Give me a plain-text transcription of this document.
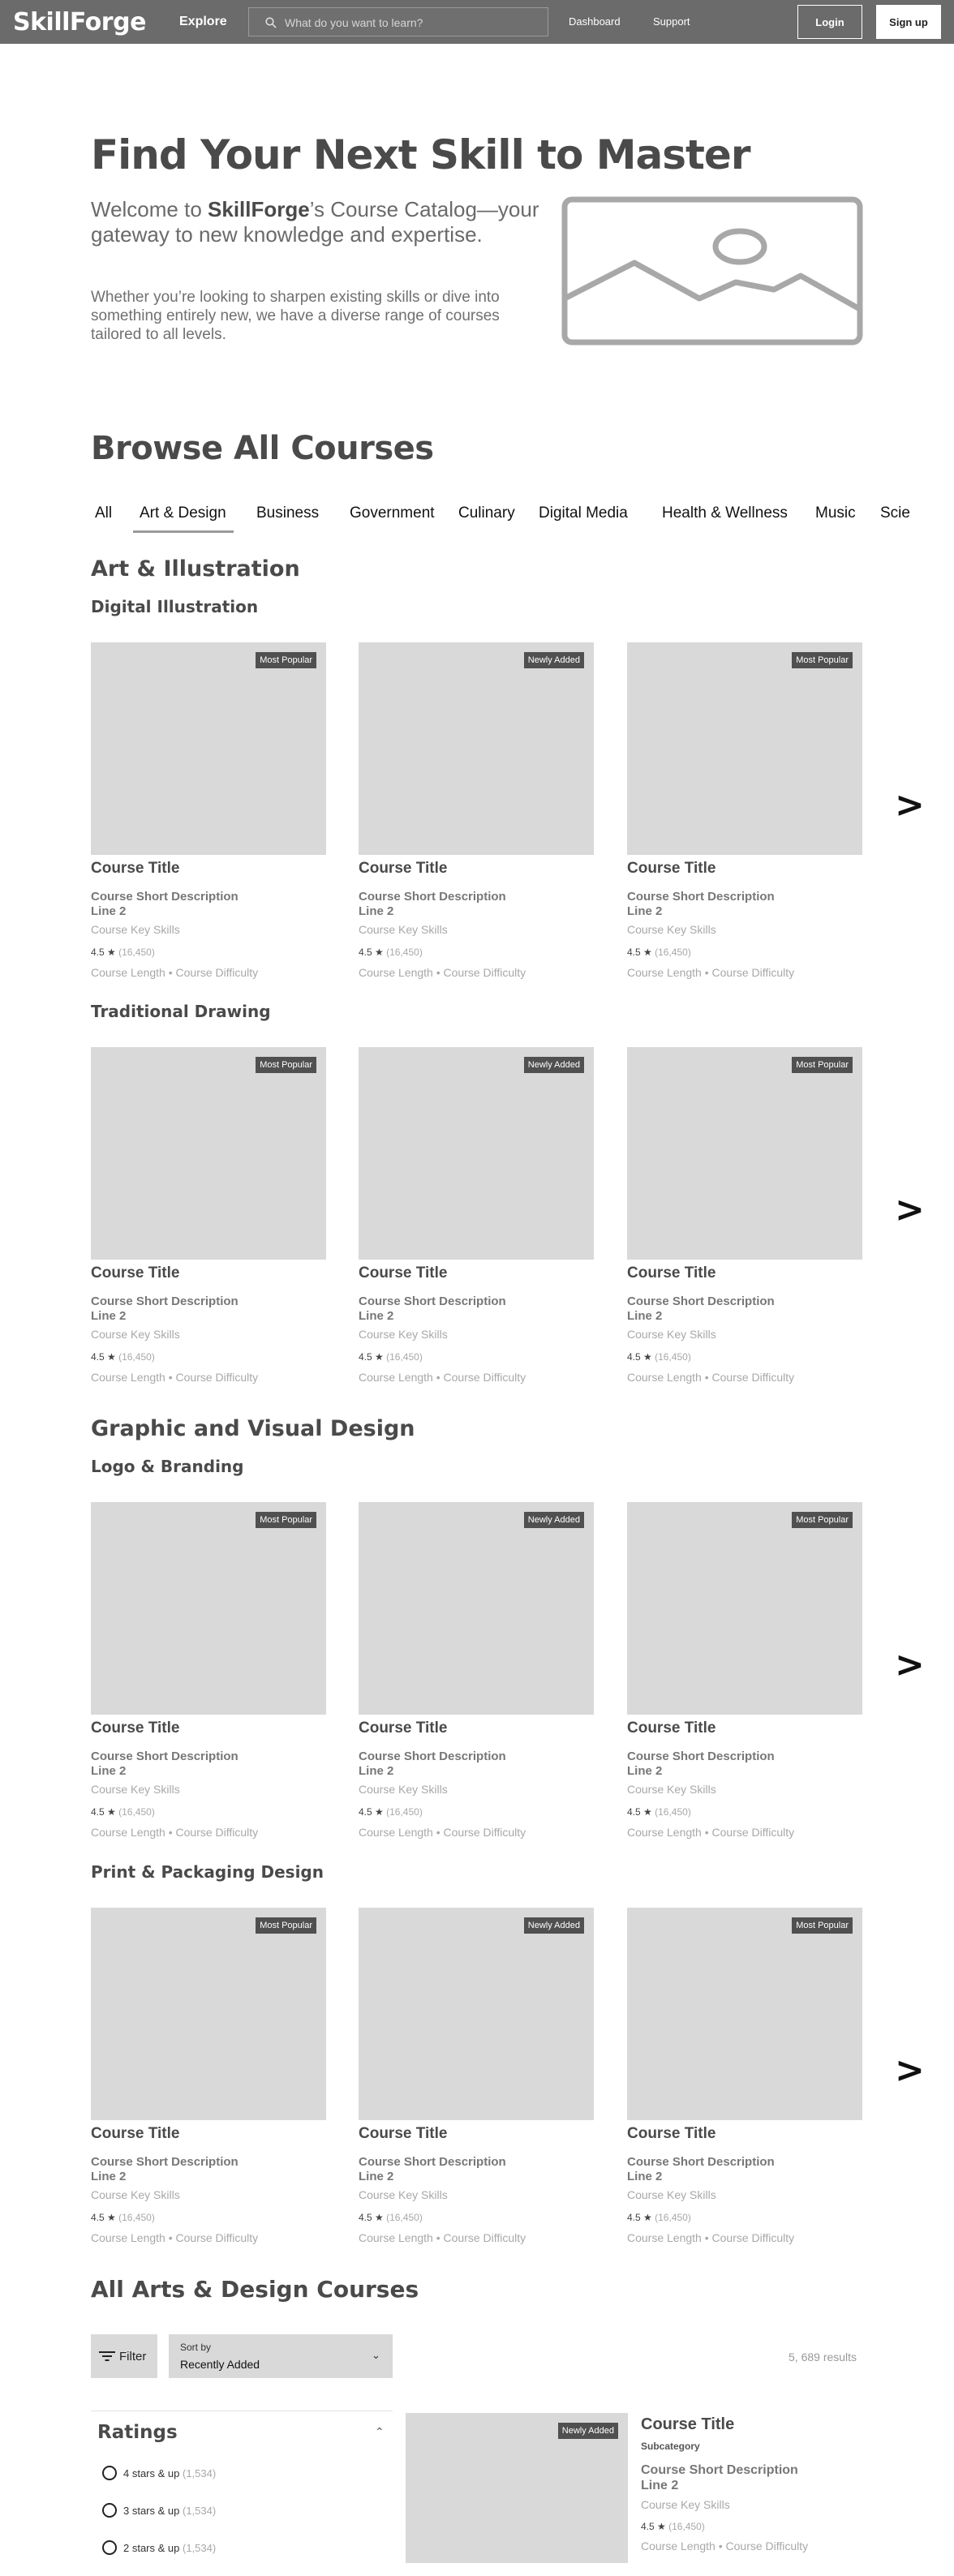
SkillForge	Explore
What do you want to learn?	Dashboard	Support	Login	Sign up
Find Your Next Skill to Master
Welcome to SkillForge’s Course Catalog—your gateway to new knowledge and expertise.
Whether you’re looking to sharpen existing skills or dive into something entirely new, we have a diverse range of courses tailored to all levels.
Browse All Courses
All Art & Design Business Government Culinary Digital Media Health & Wellness Music Scie
Art & Illustration
Digital Illustration
Traditional Drawing
Graphic and Visual Design
Logo & Branding
Print & Packaging Design
Most Popular
Course Title
Course Short Description
Line 2
Course Key Skills
4.5 ★ (16,450)
Course Length • Course Difficulty
Newly Added
Course Title
Course Short Description
Line 2
Course Key Skills
4.5 ★ (16,450)
Course Length • Course Difficulty
Most Popular
Course Title
Course Short Description
Line 2
Course Key Skills
4.5 ★ (16,450)
Course Length • Course Difficulty
>
Most Popular
Course Title
Course Short Description
Line 2
Course Key Skills
4.5 ★ (16,450)
Course Length • Course Difficulty
Newly Added
Course Title
Course Short Description
Line 2
Course Key Skills
4.5 ★ (16,450)
Course Length • Course Difficulty
Most Popular
Course Title
Course Short Description
Line 2
Course Key Skills
4.5 ★ (16,450)
Course Length • Course Difficulty
>
Most Popular
Course Title
Course Short Description
Line 2
Course Key Skills
4.5 ★ (16,450)
Course Length • Course Difficulty
Newly Added
Course Title
Course Short Description
Line 2
Course Key Skills
4.5 ★ (16,450)
Course Length • Course Difficulty
Most Popular
Course Title
Course Short Description
Line 2
Course Key Skills
4.5 ★ (16,450)
Course Length • Course Difficulty
>
Most Popular
Course Title
Course Short Description
Line 2
Course Key Skills
4.5 ★ (16,450)
Course Length • Course Difficulty
Newly Added
Course Title
Course Short Description
Line 2
Course Key Skills
4.5 ★ (16,450)
Course Length • Course Difficulty
Most Popular
Course Title
Course Short Description
Line 2
Course Key Skills
4.5 ★ (16,450)
Course Length • Course Difficulty
>
All Arts & Design Courses
Filter
Sort by
Recently Added
⌄	5, 689 results
Ratings	⌃
4 stars & up (1,534)
3 stars & up (1,534)
2 stars & up (1,534)
Newly Added Course Title
Subcategory
Course Short Description
Line 2
Course Key Skills
4.5 ★ (16,450)
Course Length • Course Difficulty
